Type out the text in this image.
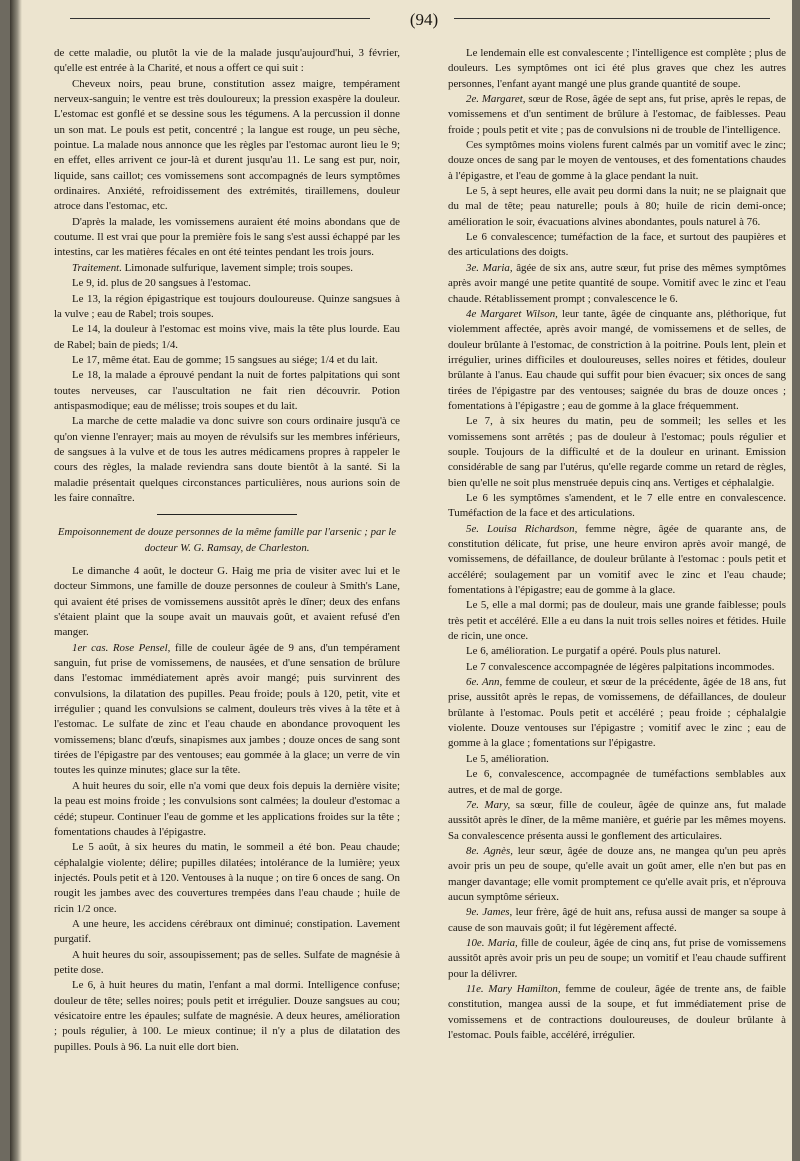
(94)

de cette maladie, ou plutôt la vie de la malade jusqu'aujourd'hui, 3 février, qu'elle est entrée à la Charité, et nous a offert ce qui suit :

Cheveux noirs, peau brune, constitution assez maigre, tempérament nerveux-sanguin; le ventre est très douloureux; la pression exaspère la douleur. L'estomac est gonflé et se dessine sous les tégumens. A la percussion il donne un son mat. Le pouls est petit, concentré ; la langue est rouge, un peu sèche, pointue. La malade nous annonce que les règles par l'estomac auront lieu le 9; en effet, elles arrivent ce jour-là et durent jusqu'au 11. Le sang est pur, noir, liquide, sans caillot; ces vomissemens sont accompagnés de leurs symptômes ordinaires. Anxiété, refroidissement des extrémités, tiraillemens, douleur atroce dans l'estomac, etc.

D'après la malade, les vomissemens auraient été moins abondans que de coutume. Il est vrai que pour la première fois le sang s'est aussi échappé par les intestins, car les matières fécales en ont été teintes pendant les trois jours.

Traitement. Limonade sulfurique, lavement simple; trois soupes.

Le 9, id. plus de 20 sangsues à l'estomac.

Le 13, la région épigastrique est toujours douloureuse. Quinze sangsues à la vulve ; eau de Rabel; trois soupes.

Le 14, la douleur à l'estomac est moins vive, mais la tête plus lourde. Eau de Rabel; bain de pieds; 1/4.

Le 17, même état. Eau de gomme; 15 sangsues au siége; 1/4 et du lait.

Le 18, la malade a éprouvé pendant la nuit de fortes palpitations qui sont toutes nerveuses, car l'auscultation ne fait rien découvrir. Potion antispasmodique; eau de mélisse; trois soupes et du lait.

La marche de cette maladie va donc suivre son cours ordinaire jusqu'à ce qu'on vienne l'enrayer; mais au moyen de révulsifs sur les membres inférieurs, de sangsues à la vulve et de tous les autres médicamens propres à rappeler le cours des règles, la malade reviendra sans doute bientôt à la santé. Si la maladie présentait quelques circonstances particulières, nous aurions soin de les faire connaître.

Empoisonnement de douze personnes de la même famille par l'arsenic ; par le docteur W. G. Ramsay, de Charleston.

Le dimanche 4 août, le docteur G. Haig me pria de visiter avec lui et le docteur Simmons, une famille de douze personnes de couleur à Smith's Lane, qui avaient été prises de vomissemens aussitôt après le dîner; deux des enfans s'étaient plaint que la soupe avait un mauvais goût, et avaient refusé d'en manger.

1er cas. Rose Pensel, fille de couleur âgée de 9 ans, d'un tempérament sanguin, fut prise de vomissemens, de nausées, et d'une sensation de brûlure dans l'estomac immédiatement après avoir mangé; puis survinrent des convulsions, la dilatation des pupilles. Peau froide; pouls à 120, petit, vite et irrégulier ; quand les convulsions se calment, douleurs très vives à la tête et à l'estomac. Le sulfate de zinc et l'eau chaude en abondance provoquent les vomissemens; blanc d'œufs, sinapismes aux jambes ; douze onces de sang sont tirées de l'épigastre par des ventouses; eau gommée à la glace; un verre de vin toutes les quinze minutes; glace sur la tête.

A huit heures du soir, elle n'a vomi que deux fois depuis la dernière visite; la peau est moins froide ; les convulsions sont calmées; la douleur d'estomac a cédé; stupeur. Continuer l'eau de gomme et les applications froides sur la tête ; fomentations chaudes à l'épigastre.

Le 5 août, à six heures du matin, le sommeil a été bon. Peau chaude; céphalalgie violente; délire; pupilles dilatées; intolérance de la lumière; yeux injectés. Pouls petit et à 120. Ventouses à la nuque ; on tire 6 onces de sang. On rougit les jambes avec des couvertures trempées dans l'eau chaude ; huile de ricin 1/2 once.

A une heure, les accidens cérébraux ont diminué; constipation. Lavement purgatif.

A huit heures du soir, assoupissement; pas de selles. Sulfate de magnésie à petite dose.

Le 6, à huit heures du matin, l'enfant a mal dormi. Intelligence confuse; douleur de tête; selles noires; pouls petit et irrégulier. Douze sangsues au cou; vésicatoire entre les épaules; sulfate de magnésie. A deux heures, amélioration ; pouls régulier, à 100. Le mieux continue; il n'y a plus de dilatation des pupilles. Pouls à 96. La nuit elle dort bien.

Le lendemain elle est convalescente ; l'intelligence est complète ; plus de douleurs. Les symptômes ont ici été plus graves que chez les autres personnes, l'enfant ayant mangé une plus grande quantité de soupe.

2e. Margaret, sœur de Rose, âgée de sept ans, fut prise, après le repas, de vomissemens et d'un sentiment de brûlure à l'estomac, de faiblesses. Peau froide ; pouls petit et vite ; pas de convulsions ni de trouble de l'intelligence.

Ces symptômes moins violens furent calmés par un vomitif avec le zinc; douze onces de sang par le moyen de ventouses, et des fomentations chaudes à l'épigastre, et l'eau de gomme à la glace pendant la nuit.

Le 5, à sept heures, elle avait peu dormi dans la nuit; ne se plaignait que du mal de tête; peau naturelle; pouls à 80; huile de ricin demi-once; amélioration le soir, évacuations alvines abondantes, pouls naturel à 76.

Le 6 convalescence; tuméfaction de la face, et surtout des paupières et des articulations des doigts.

3e. Maria, âgée de six ans, autre sœur, fut prise des mêmes symptômes après avoir mangé une petite quantité de soupe. Vomitif avec le zinc et l'eau chaude. Rétablissement prompt ; convalescence le 6.

4e Margaret Wilson, leur tante, âgée de cinquante ans, pléthorique, fut violemment affectée, après avoir mangé, de vomissemens et de selles, de douleur brûlante à l'estomac, de constriction à la poitrine. Pouls lent, plein et irrégulier, urines difficiles et douloureuses, selles noires et fétides, douleur brûlante à l'anus. Eau chaude qui suffit pour bien évacuer; six onces de sang tirées de l'épigastre par des ventouses; saignée du bras de douze onces ; fomentations à l'épigastre ; eau de gomme à la glace fréquemment.

Le 7, à six heures du matin, peu de sommeil; les selles et les vomissemens sont arrêtés ; pas de douleur à l'estomac; pouls régulier et souple. Toujours de la difficulté et de la douleur en urinant. Emission considérable de sang par l'utérus, qu'elle regarde comme un retard de règles, bien qu'elle ne soit plus menstruée depuis cinq ans. Vertiges et céphalalgie.

Le 6 les symptômes s'amendent, et le 7 elle entre en convalescence. Tuméfaction de la face et des articulations.

5e. Louisa Richardson, femme nègre, âgée de quarante ans, de constitution délicate, fut prise, une heure environ après avoir mangé, de vomissemens, de défaillance, de douleur brûlante à l'estomac : pouls petit et accéléré; soulagement par un vomitif avec le zinc et l'eau chaude; fomentations à l'épigastre; eau de gomme à la glace.

Le 5, elle a mal dormi; pas de douleur, mais une grande faiblesse; pouls très petit et accéléré. Elle a eu dans la nuit trois selles noires et fétides. Huile de ricin, une once.

Le 6, amélioration. Le purgatif a opéré. Pouls plus naturel.

Le 7 convalescence accompagnée de légères palpitations incommodes.

6e. Ann, femme de couleur, et sœur de la précédente, âgée de 18 ans, fut prise, aussitôt après le repas, de vomissemens, de défaillances, de douleur brûlante à l'estomac. Pouls petit et accéléré ; peau froide ; céphalalgie violente. Douze ventouses sur l'épigastre ; vomitif avec le zinc ; eau de gomme à la glace ; fomentations sur l'épigastre.

Le 5, amélioration.

Le 6, convalescence, accompagnée de tuméfactions semblables aux autres, et de mal de gorge.

7e. Mary, sa sœur, fille de couleur, âgée de quinze ans, fut malade aussitôt après le dîner, de la même manière, et guérie par les mêmes moyens. Sa convalescence présenta aussi le gonflement des articulaires.

8e. Agnès, leur sœur, âgée de douze ans, ne mangea qu'un peu après avoir pris un peu de soupe, qu'elle avait un goût amer, elle n'en but pas en manger davantage; elle vomit promptement ce qu'elle avait pris, et n'éprouva aucun symptôme sérieux.

9e. James, leur frère, âgé de huit ans, refusa aussi de manger sa soupe à cause de son mauvais goût; il fut légèrement affecté.

10e. Maria, fille de couleur, âgée de cinq ans, fut prise de vomissemens aussitôt après avoir pris un peu de soupe; un vomitif et l'eau chaude suffirent pour la délivrer.

11e. Mary Hamilton, femme de couleur, âgée de trente ans, de faible constitution, mangea aussi de la soupe, et fut immédiatement prise de vomissemens et de contractions douloureuses, de douleur brûlante à l'estomac. Pouls faible, accéléré, irrégulier.
